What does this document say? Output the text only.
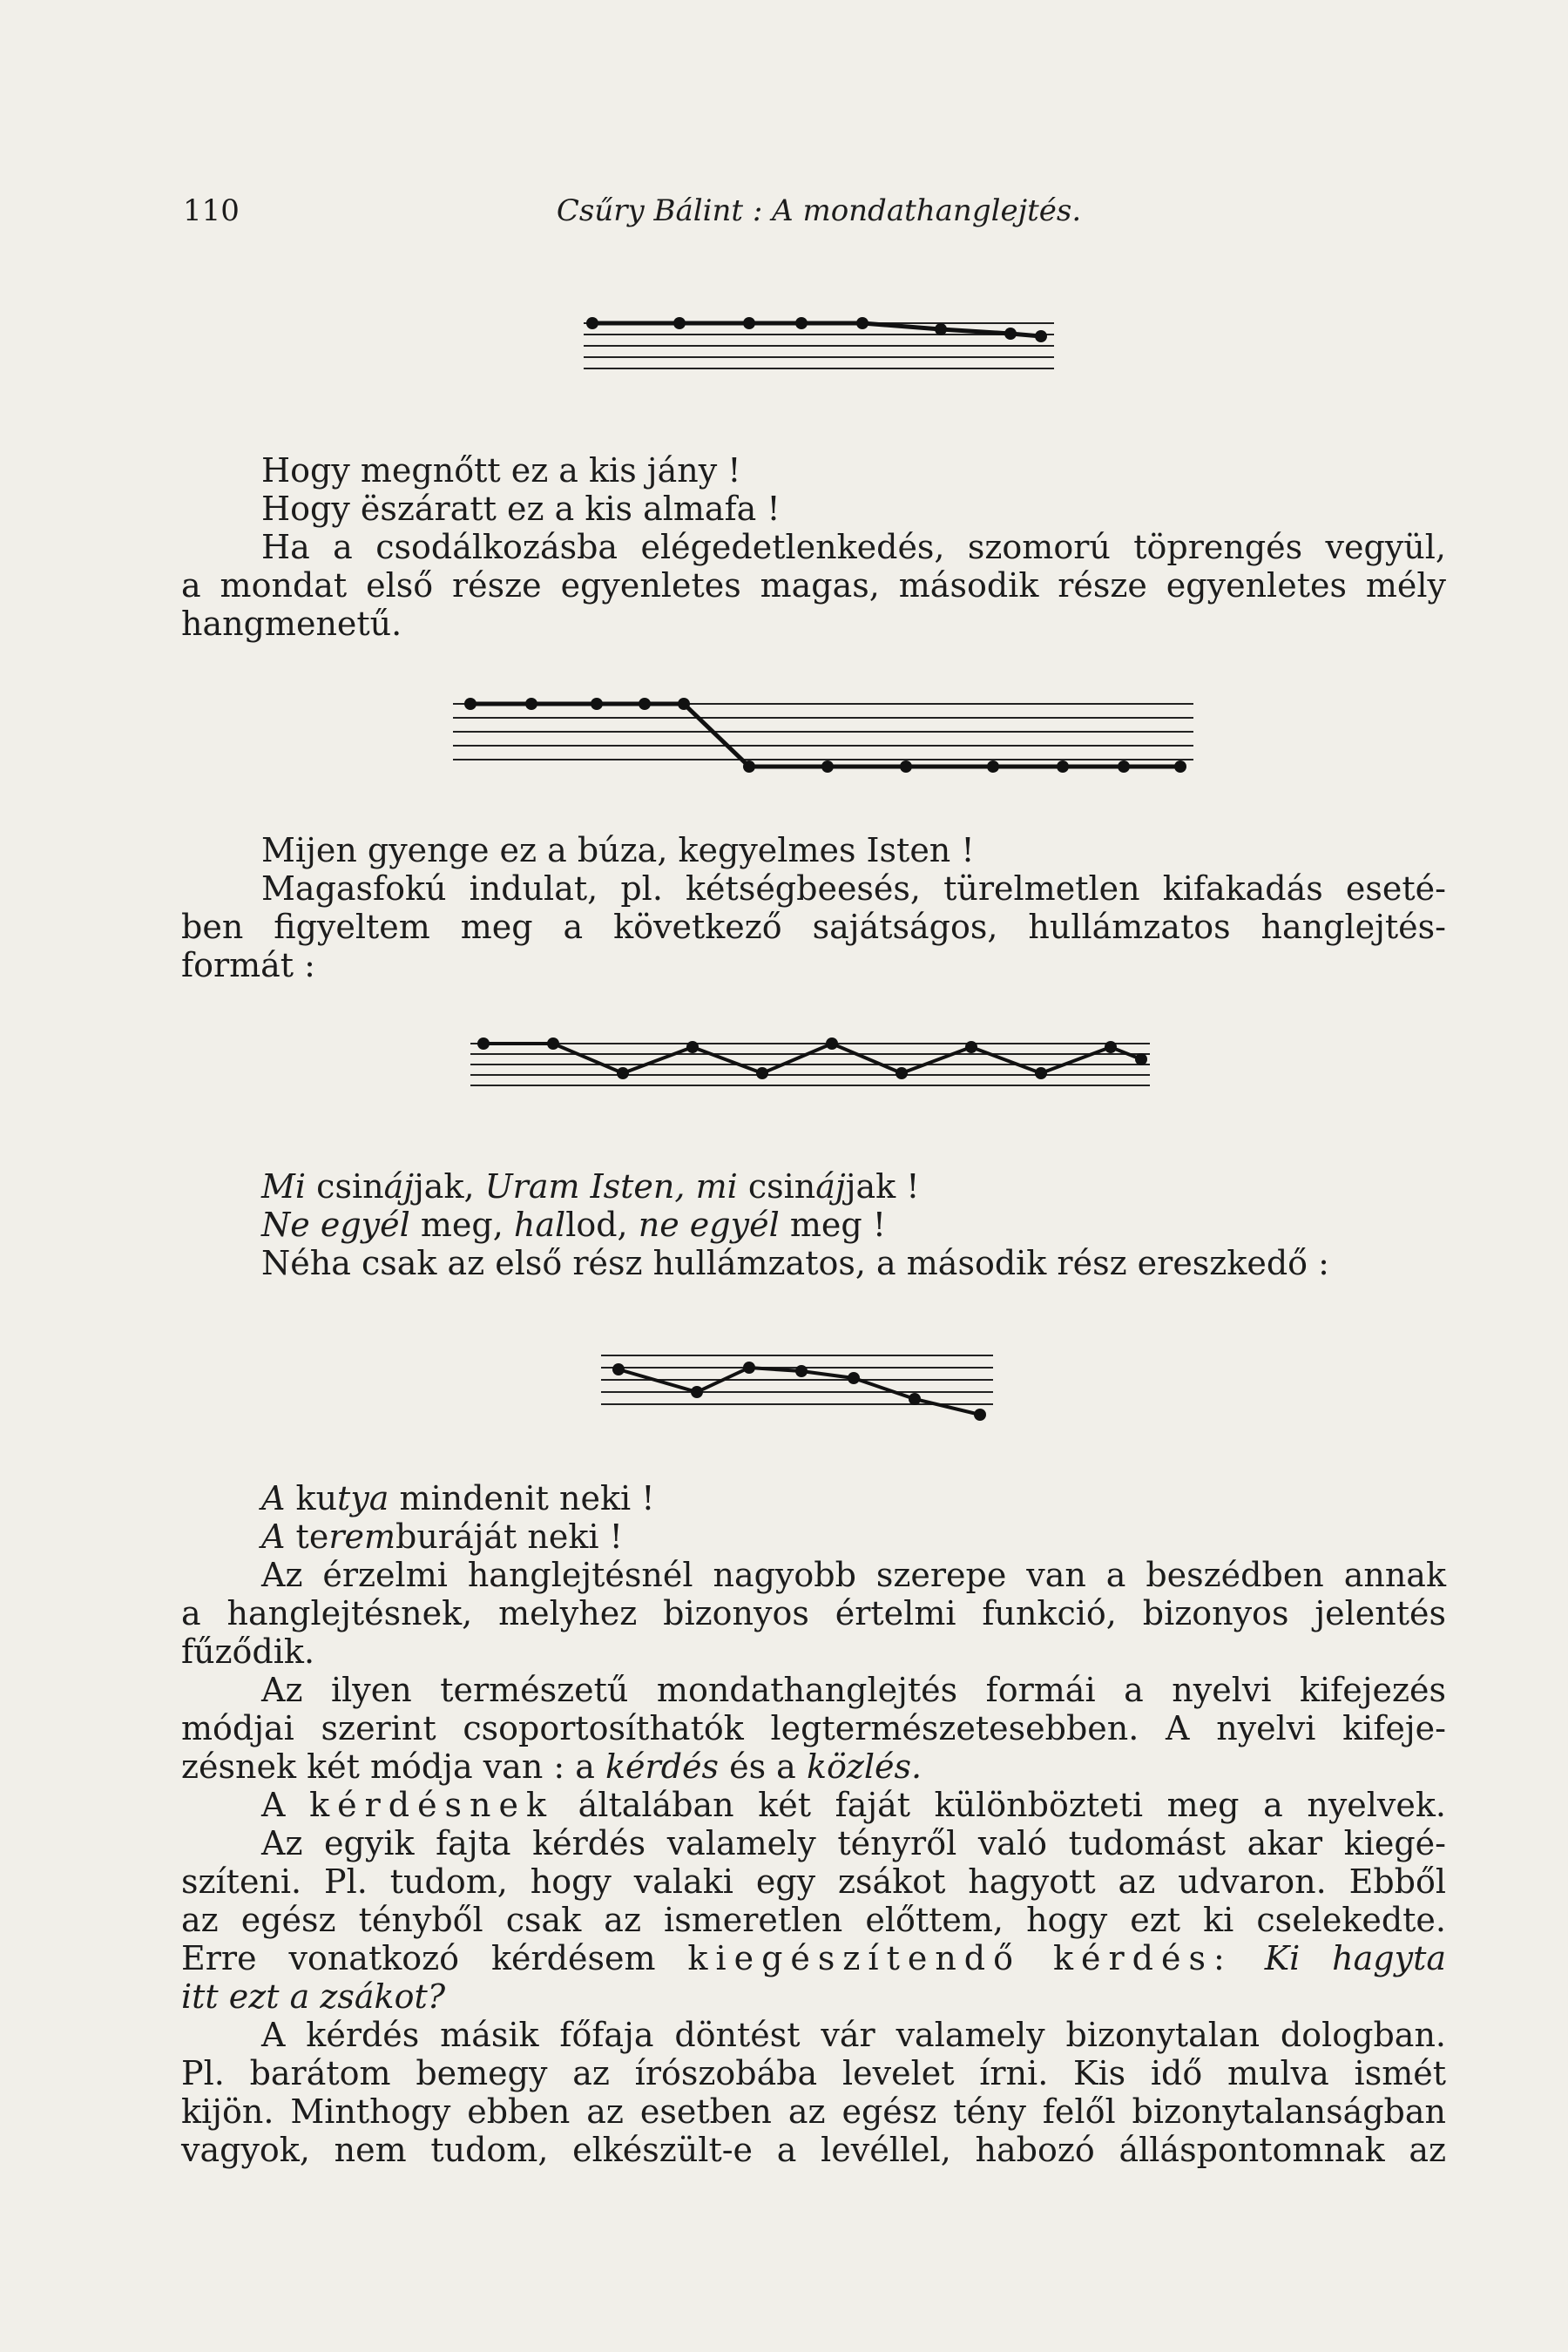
110	Csűry Bálint : A mondathanglejtés.

Hogy megnőtt ez a kis jány !

Hogy ëszáratt ez a kis almafa !

Ha a csodálkozásba elégedetlenkedés, szomorú töprengés vegyül,

a mondat első része egyenletes magas, második része egyenletes mély

hangmenetű.

Mijen gyenge ez a búza, kegyelmes Isten !

Magasfokú indulat, pl. kétségbeesés, türelmetlen kifakadás eseté-

ben figyeltem meg a következő sajátságos, hullámzatos hanglejtés-

formát :

Mi csinájjak, Uram Isten, mi csinájjak !

Ne egyél meg, hallod, ne egyél meg !

Néha csak az első rész hullámzatos, a második rész ereszkedő :

A kutya mindenit neki !

A teremburáját neki !

Az érzelmi hanglejtésnél nagyobb szerepe van a beszédben annak

a hanglejtésnek, melyhez bizonyos értelmi funkció, bizonyos jelentés

fűződik.

Az ilyen természetű mondathanglejtés formái a nyelvi kifejezés

módjai szerint csoportosíthatók legtermészetesebben. A nyelvi kifeje-

zésnek két módja van : a kérdés és a közlés.

A kérdésnek általában két faját különbözteti meg a nyelvek.

Az egyik fajta kérdés valamely tényről való tudomást akar kiegé-

szíteni. Pl. tudom, hogy valaki egy zsákot hagyott az udvaron. Ebből

az egész tényből csak az ismeretlen előttem, hogy ezt ki cselekedte.

Erre vonatkozó kérdésem kiegészítendő kérdés: Ki hagyta

itt ezt a zsákot?

A kérdés másik főfaja döntést vár valamely bizonytalan dologban.

Pl. barátom bemegy az írószobába levelet írni. Kis idő mulva ismét

kijön. Minthogy ebben az esetben az egész tény felől bizonytalanságban

vagyok, nem tudom, elkészült-e a levéllel, habozó álláspontomnak az
